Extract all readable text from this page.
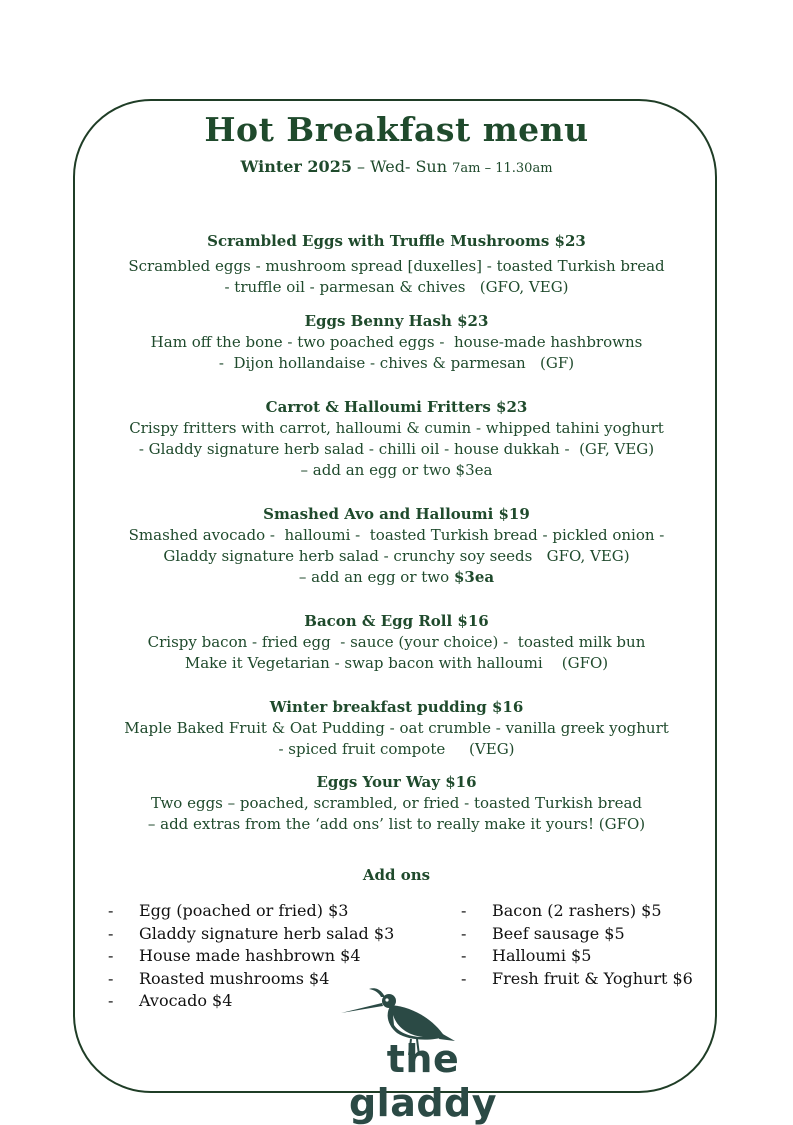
Hot Breakfast menu
Winter 2025 – Wed- Sun 7am – 11.30am
Scrambled Eggs with Truffle Mushrooms $23
Scrambled eggs - mushroom spread [duxelles] - toasted Turkish bread
- truffle oil - parmesan & chives   (GFO, VEG)
Eggs Benny Hash $23
Ham off the bone - two poached eggs -  house-made hashbrowns
-  Dijon hollandaise - chives & parmesan   (GF)
Carrot & Halloumi Fritters $23
Crispy fritters with carrot, halloumi & cumin - whipped tahini yoghurt
- Gladdy signature herb salad - chilli oil - house dukkah -  (GF, VEG)
– add an egg or two $3ea
Smashed Avo and Halloumi $19
Smashed avocado -  halloumi -  toasted Turkish bread - pickled onion -
Gladdy signature herb salad - crunchy soy seeds   GFO, VEG)
– add an egg or two $3ea
Bacon & Egg Roll $16
Crispy bacon - fried egg  - sauce (your choice) -  toasted milk bun
Make it Vegetarian - swap bacon with halloumi    (GFO)
Winter breakfast pudding $16
Maple Baked Fruit & Oat Pudding - oat crumble - vanilla greek yoghurt
- spiced fruit compote     (VEG)
Eggs Your Way $16
Two eggs – poached, scrambled, or fried - toasted Turkish bread
– add extras from the ‘add ons’ list to really make it yours! (GFO)
Add ons
- Egg (poached or fried) $3
- Gladdy signature herb salad $3
- House made hashbrown $4
- Roasted mushrooms $4
- Avocado $4
- Bacon (2 rashers) $5
- Beef sausage $5
- Halloumi $5
- Fresh fruit & Yoghurt $6
the gladdy
